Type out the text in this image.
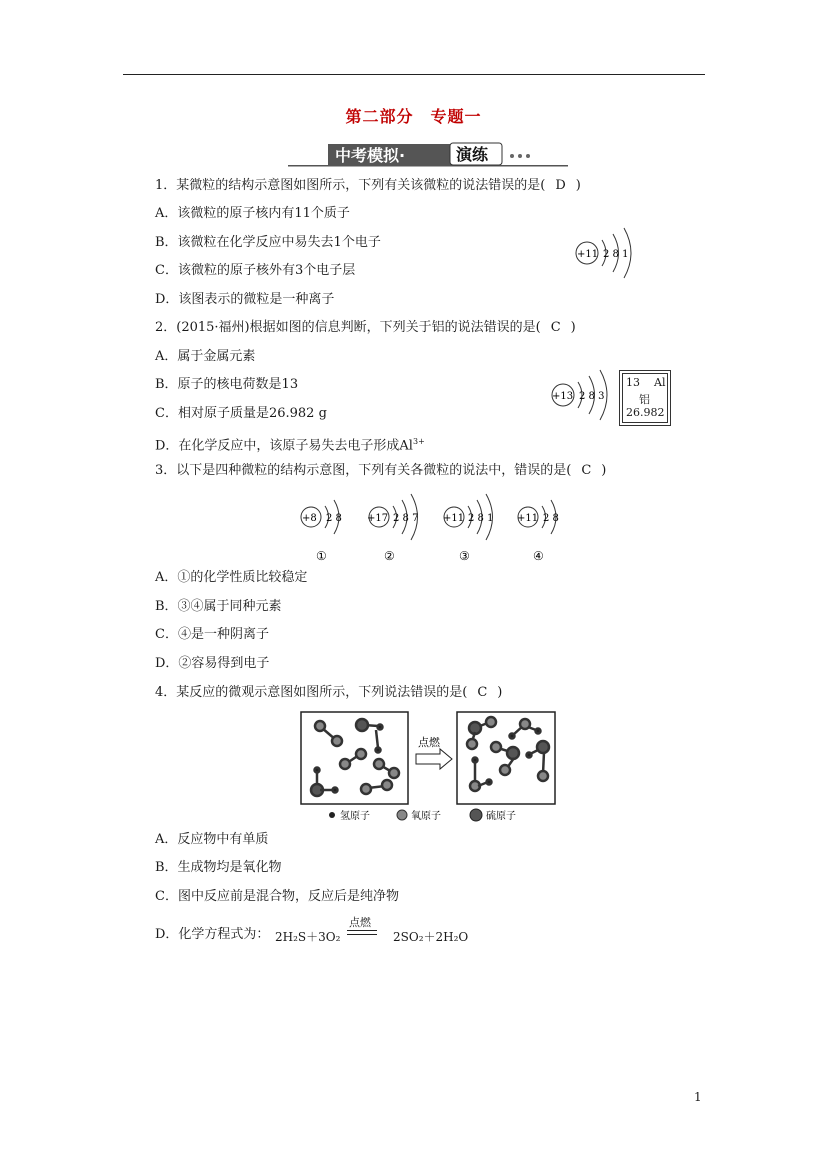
第二部分　专题一
中考模拟·	演练
1．某微粒的结构示意图如图所示，下列有关该微粒的说法错误的是( D )
A．该微粒的原子核内有11个质子
B．该微粒在化学反应中易失去1个电子
C．该微粒的原子核外有3个电子层
D．该图表示的微粒是一种离子
+11 2 8 1
2．(2015·福州)根据如图的信息判断，下列关于铝的说法错误的是( C )
A．属于金属元素
B．原子的核电荷数是13
C．相对原子质量是26.982 g
D．在化学反应中，该原子易失去电子形成$Al^{3+}$
+13 2 8 3
13 Al
铝
26.982
3．以下是四种微粒的结构示意图，下列有关各微粒的说法中，错误的是( C )
+8 2 8
①
+17 2 8 7
②
+11 2 8 1
③
+11 2 8
④
A．①的化学性质比较稳定
B．③④属于同种元素
C．④是一种阴离子
D．②容易得到电子
4．某反应的微观示意图如图所示，下列说法错误的是( C )
点燃
氢原子	氧原子	硫原子
A．反应物中有单质
B．生成物均是氧化物
C．图中反应前是混合物，反应后是纯净物
D．化学方程式为： 2H₂S＋3O₂
点燃
2SO₂＋2H₂O
1
